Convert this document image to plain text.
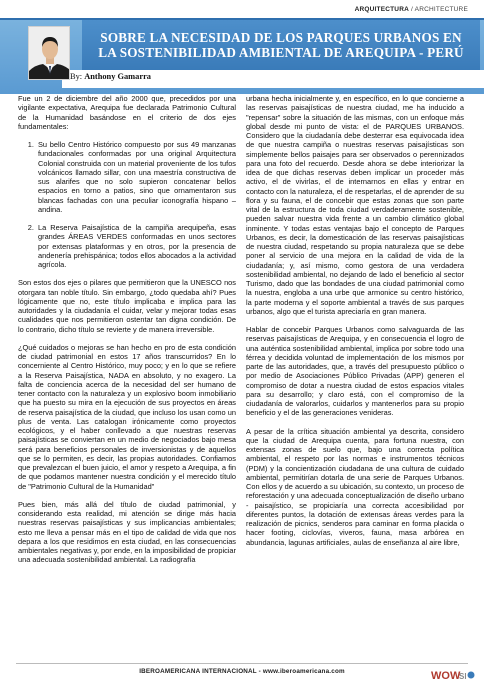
ARQUITECTURA / ARCHITECTURE
SOBRE LA NECESIDAD DE LOS PARQUES URBANOS EN LA SOSTENIBILIDAD AMBIENTAL DE AREQUIPA - PERÚ
By: Anthony Gamarra

Fue un 2 de diciembre del año 2000 que, precedidos por una vigilante expectativa, Arequipa fue declarada Patrimonio Cultural de la Humanidad basándose en el criterio de dos ejes fundamentales:

1. Su bello Centro Histórico compuesto por sus 49 manzanas fundacionales conformadas por una original Arquitectura Colonial construida con un material proveniente de los tufos volcánicos llamado sillar, con una maestría constructiva de sus alarifes que no solo supieron concatenar bellos espacios en torno a patios, sino que ornamentaron sus blancas fachadas con una peculiar iconografía hispano – andina.
2. La Reserva Paisajística de la campiña arequipeña, esas grandes ÁREAS VERDES conformadas en unos sectores por extensas plataformas y en otros, por la presencia de andenería prehispánica; todos ellos abocados a la actividad agrícola.

Son estos dos ejes o pilares que permitieron que la UNESCO nos otorgara tan noble título. Sin embargo, ¿todo quedaba ahí? Pues lógicamente que no, este título implicaba e implica para las autoridades y la ciudadanía el cuidar, velar y mejorar todas esas cualidades que nos permitieron ostentar tan digna condición. De lo contrario, dicho título se revierte y de manera irreversible.

¿Qué cuidados o mejoras se han hecho en pro de esta condición de ciudad patrimonial en estos 17 años transcurridos? En lo concerniente al Centro Histórico, muy poco; y en lo que se refiere a la Reserva Paisajística, NADA en absoluto, y no exagero. La falta de conciencia acerca de la necesidad del ser humano de tener contacto con la naturaleza y un explosivo boom inmobiliario que ha puesto su mira en la ejecución de sus proyectos en áreas de reserva paisajística de la ciudad, que incluso los usan como un plus de venta. Las catalogan irónicamente como proyectos ecológicos, y el haber conllevado a que nuestras reservas paisajísticas se conviertan en un medio de negociados bajo mesa será para beneficios personales de inversionistas y de aquellos que se lo permiten, es decir, las propias autoridades. Confiamos que prevalezcan el buen juicio, el amor y respeto a Arequipa, a fin de que podamos mantener nuestra condición y el merecido título de "Patrimonio Cultural de la Humanidad"

Pues bien, más allá del título de ciudad patrimonial, y considerando esta realidad, mi atención se dirige más hacia nuestras reservas paisajísticas y sus implicancias ambientales; esto me lleva a pensar más en el tipo de calidad de vida que nos depara a los que residimos en esta ciudad, en las consecuencias ambientales negativas y, por ende, en la imposibilidad de propiciar una adecuada sostenibilidad ambiental. La radiografía

urbana hecha inicialmente y, en específico, en lo que concierne a las reservas paisajísticas de nuestra ciudad, me ha inducido a "repensar" sobre la situación de las mismas, con un enfoque más global desde mi punto de vista: el de PARQUES URBANOS. Considero que la ciudadanía debe desterrar esa equivocada idea de que nuestra campiña o nuestras reservas paisajísticas son simplemente bellos paisajes para ser observados o perennizados para una foto del recuerdo. Desde ahora se debe interiorizar la idea de que dichas reservas deben implicar un proceder más activo, el de vivirlas, el de internarnos en ellas y entrar en contacto con la naturaleza, el de respetarlas, el de aprender de su flora y su fauna, el de concebir que estas zonas que son parte vital de la estructura de toda ciudad verdaderamente sostenible, pueden salvar nuestra vida frente a un cambio climático global inminente. Y todas estas ventajas bajo el concepto de Parques Urbanos, es decir, la domesticación de las reservas paisajísticas de nuestra ciudad, respetando su propia naturaleza que se debe poner al servicio de una mejora en la calidad de vida de la ciudadanía; y, así mismo, como gestora de una verdadera sostenibilidad ambiental, no dejando de lado el beneficio al sector Turismo, dado que las bondades de una ciudad patrimonial como la nuestra, engloba a una urbe que armonice su centro histórico, la parte moderna y el soporte ambiental a través de sus parques urbanos, algo que el turista apreciaría en gran manera.

Hablar de concebir Parques Urbanos como salvaguarda de las reservas paisajísticas de Arequipa, y en consecuencia el logro de una auténtica sostenibilidad ambiental, implica por sobre todo una férrea y decidida voluntad de implementación de los mismos por parte de las autoridades, que, a través del presupuesto público o por medio de Asociaciones Público Privadas (APP) generen el compromiso de dotar a nuestra ciudad de estos espacios vitales para su desarrollo; y claro está, con el compromiso de la ciudadanía de valorarlos, cuidarlos y mantenerlos para su propio beneficio y el de las generaciones venideras.

A pesar de la crítica situación ambiental ya descrita, considero que la ciudad de Arequipa cuenta, para fortuna nuestra, con extensas zonas de suelo que, bajo una correcta política ambiental, el respeto por las normas e instrumentos técnicos (PDM) y la concientización ciudadana de una cultura de cuidado ambiental, permitirían dotarla de una serie de Parques Urbanos. Con ellos y de acuerdo a su ubicación, su contexto, un proceso de reforestación y una adecuada conceptualización de diseño urbano - paisajístico, se propiciaría una correcta accesibilidad por diferentes puntos, la dotación de extensas áreas verdes para la realización de picnics, senderos para caminar en forma placida o hacer footing, ciclovías, viveros, fauna, masa arbórea en abundancia, lagunas artificiales, aulas de enseñanza al aire libre,

IBEROAMERICANA INTERNACIONAL - www.iberoamericana.com	WOW
Sl
